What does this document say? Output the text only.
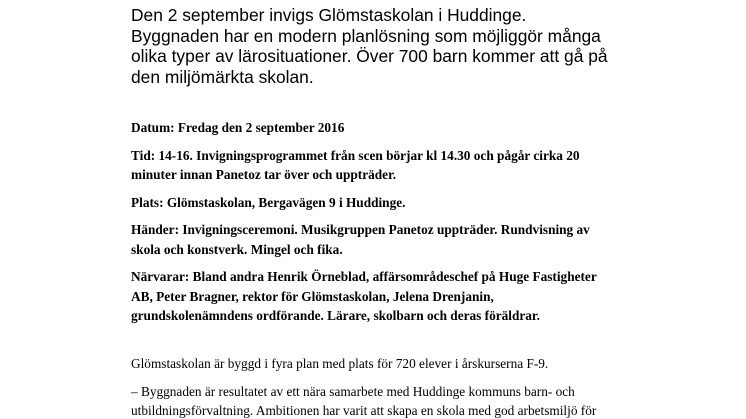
Den 2 september invigs Glömstaskolan i Huddinge.
Byggnaden har en modern planlösning som möjliggör många
olika typer av lärosituationer. Över 700 barn kommer att gå på
den miljömärkta skolan.

Datum: Fredag den 2 september 2016

Tid: 14-16. Invigningsprogrammet från scen börjar kl 14.30 och pågår cirka 20
minuter innan Panetoz tar över och uppträder.

Plats: Glömstaskolan, Bergavägen 9 i Huddinge.

Händer: Invigningsceremoni. Musikgruppen Panetoz uppträder. Rundvisning av
skola och konstverk. Mingel och fika.

Närvarar: Bland andra Henrik Örneblad, affärsområdeschef på Huge Fastigheter
AB, Peter Bragner, rektor för Glömstaskolan, Jelena Drenjanin,
grundskolenämndens ordförande. Lärare, skolbarn och deras föräldrar.

Glömstaskolan är byggd i fyra plan med plats för 720 elever i årskurserna F-9.

– Byggnaden är resultatet av ett nära samarbete med Huddinge kommuns barn- och
utbildningsförvaltning. Ambitionen har varit att skapa en skola med god arbetsmiljö för
